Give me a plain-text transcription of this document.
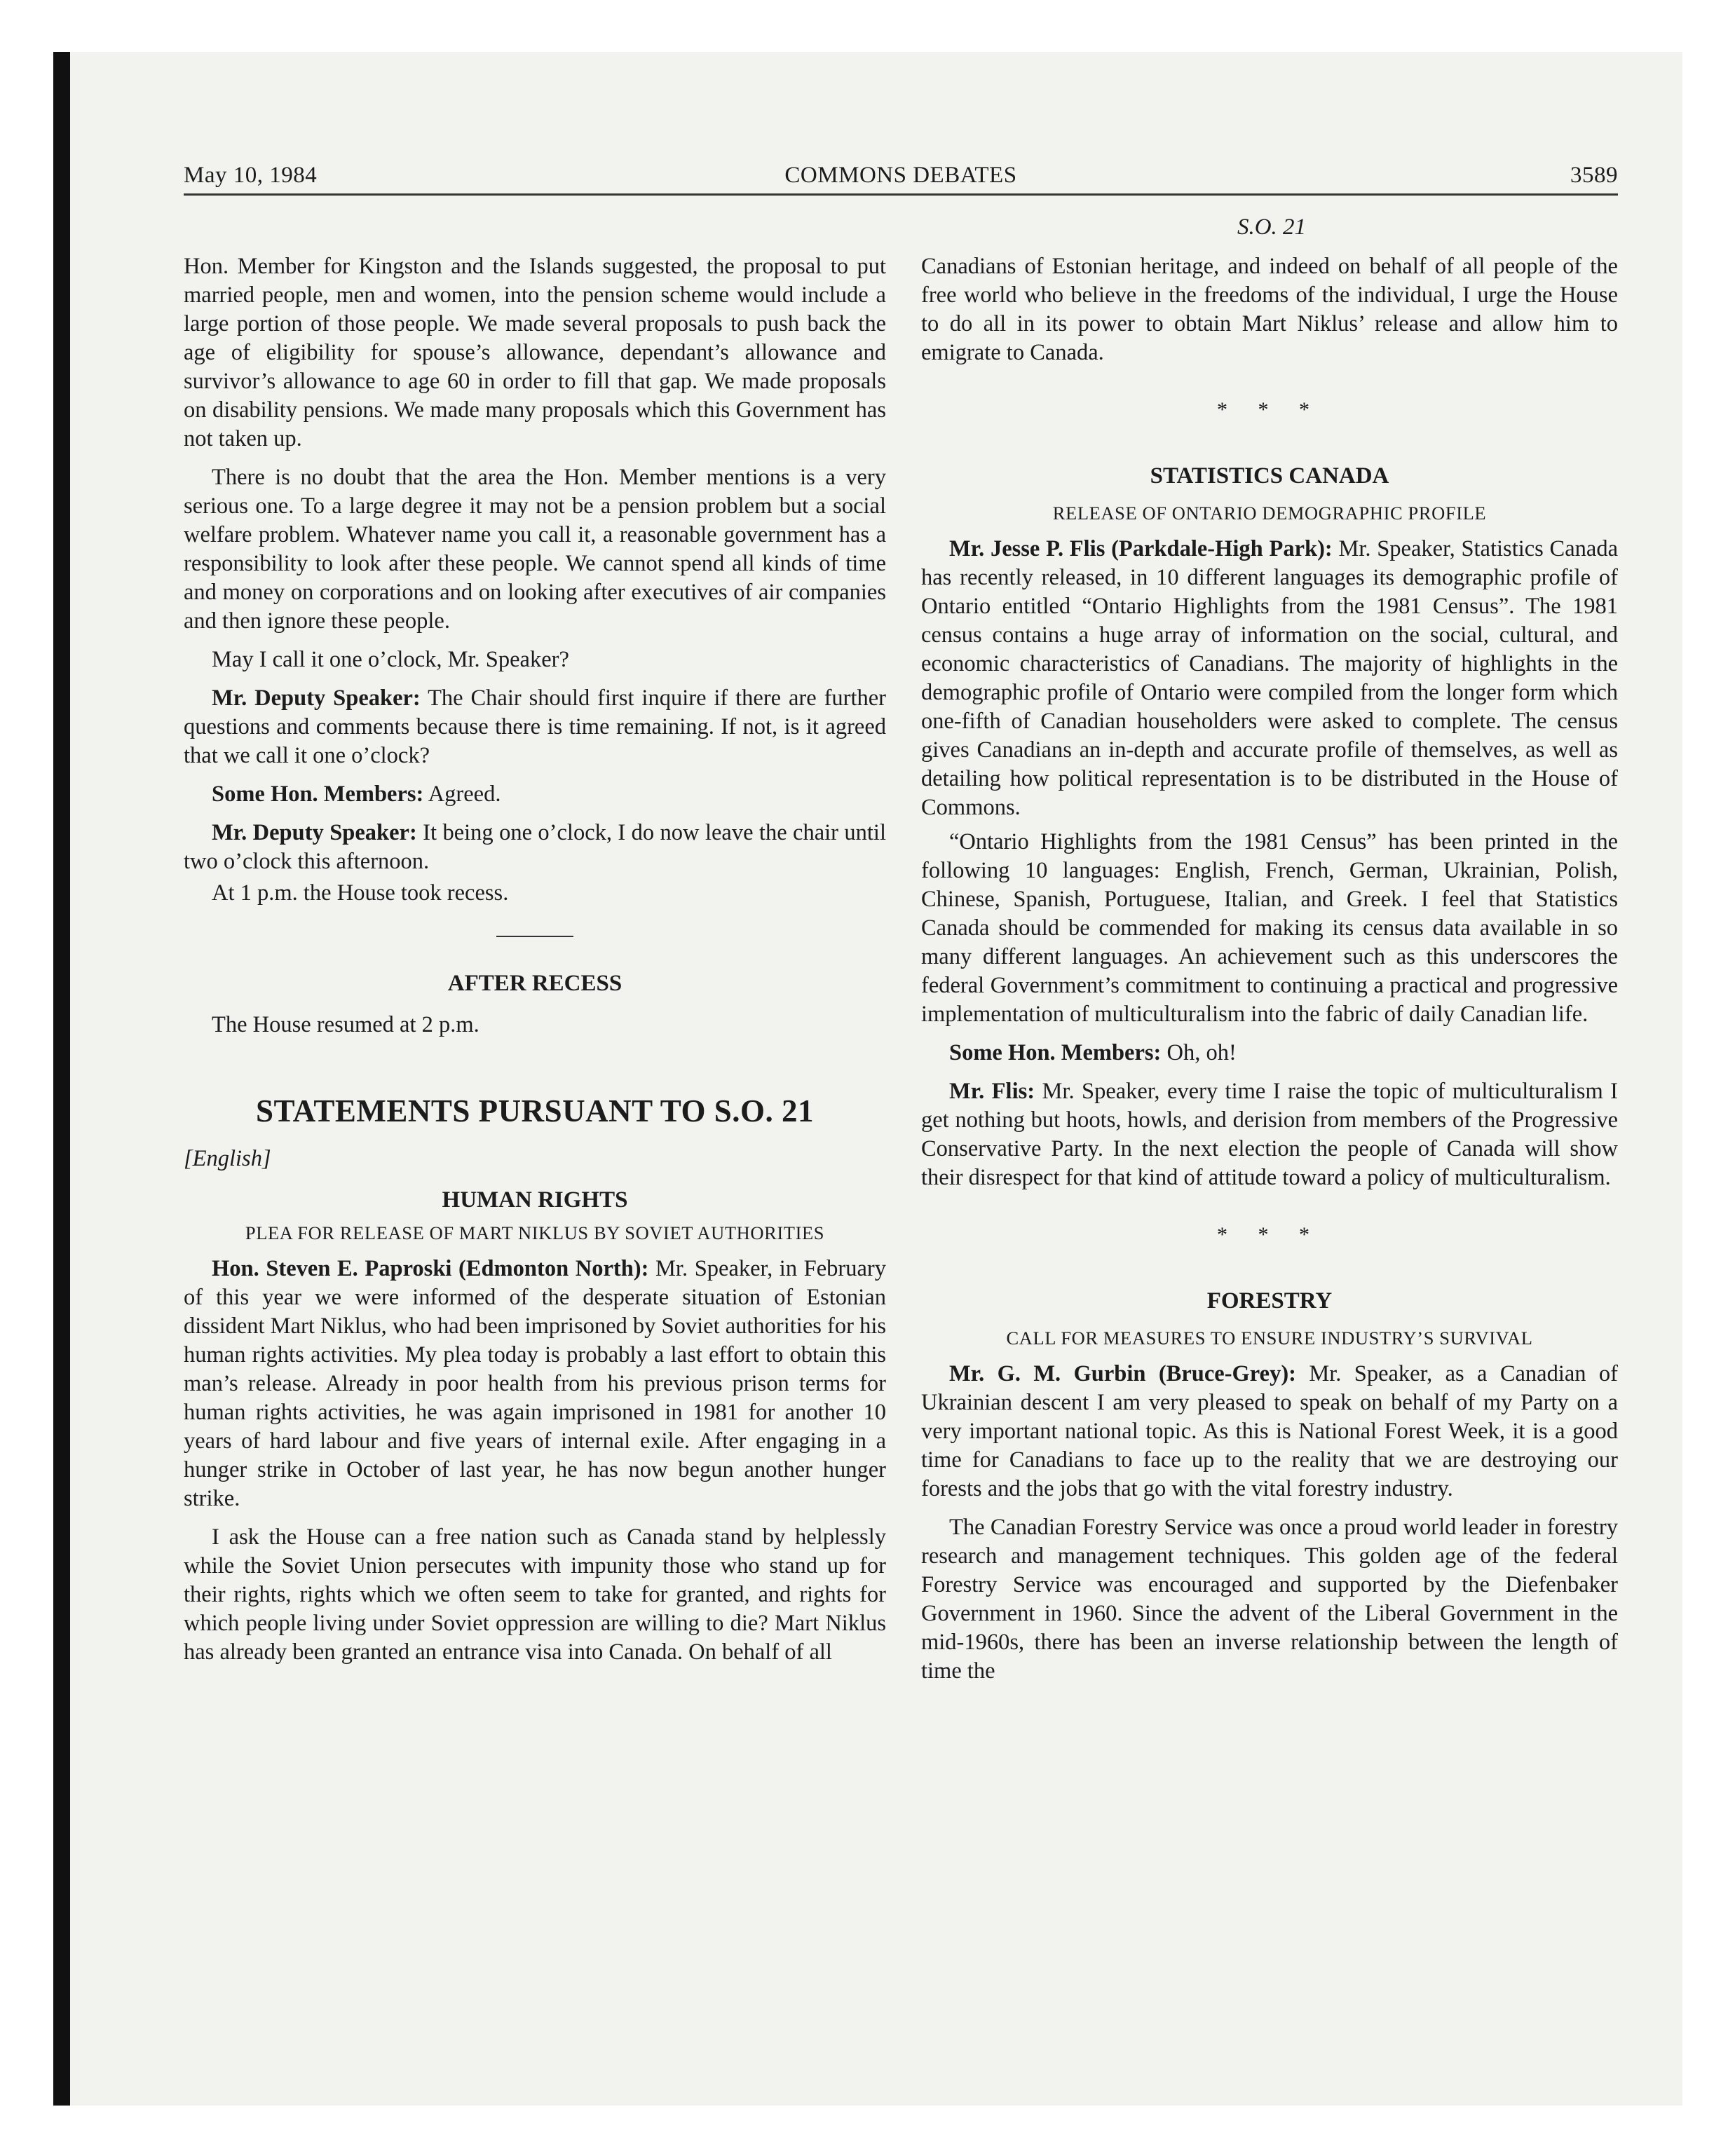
COMMONS DEBATES
May 10, 1984	3589
S.O. 21

Hon. Member for Kingston and the Islands suggested, the proposal to put married people, men and women, into the pension scheme would include a large portion of those people. We made several proposals to push back the age of eligibility for spouse’s allowance, dependant’s allowance and survivor’s allowance to age 60 in order to fill that gap. We made proposals on disability pensions. We made many proposals which this Government has not taken up.

There is no doubt that the area the Hon. Member mentions is a very serious one. To a large degree it may not be a pension problem but a social welfare problem. Whatever name you call it, a reasonable government has a responsibility to look after these people. We cannot spend all kinds of time and money on corporations and on looking after executives of air companies and then ignore these people.

May I call it one o’clock, Mr. Speaker?

Mr. Deputy Speaker: The Chair should first inquire if there are further questions and comments because there is time remaining. If not, is it agreed that we call it one o’clock?

Some Hon. Members: Agreed.

Mr. Deputy Speaker: It being one o’clock, I do now leave the chair until two o’clock this afternoon.

At 1 p.m. the House took recess.

AFTER RECESS

The House resumed at 2 p.m.

STATEMENTS PURSUANT TO S.O. 21

[English]

HUMAN RIGHTS

PLEA FOR RELEASE OF MART NIKLUS BY SOVIET AUTHORITIES

Hon. Steven E. Paproski (Edmonton North): Mr. Speaker, in February of this year we were informed of the desperate situation of Estonian dissident Mart Niklus, who had been imprisoned by Soviet authorities for his human rights activities. My plea today is probably a last effort to obtain this man’s release. Already in poor health from his previous prison terms for human rights activities, he was again imprisoned in 1981 for another 10 years of hard labour and five years of internal exile. After engaging in a hunger strike in October of last year, he has now begun another hunger strike.

I ask the House can a free nation such as Canada stand by helplessly while the Soviet Union persecutes with impunity those who stand up for their rights, rights which we often seem to take for granted, and rights for which people living under Soviet oppression are willing to die? Mart Niklus has already been granted an entrance visa into Canada. On behalf of all

Canadians of Estonian heritage, and indeed on behalf of all people of the free world who believe in the freedoms of the individual, I urge the House to do all in its power to obtain Mart Niklus’ release and allow him to emigrate to Canada.

* * *

STATISTICS CANADA

RELEASE OF ONTARIO DEMOGRAPHIC PROFILE

Mr. Jesse P. Flis (Parkdale-High Park): Mr. Speaker, Statistics Canada has recently released, in 10 different languages its demographic profile of Ontario entitled “Ontario Highlights from the 1981 Census”. The 1981 census contains a huge array of information on the social, cultural, and economic characteristics of Canadians. The majority of highlights in the demographic profile of Ontario were compiled from the longer form which one-fifth of Canadian householders were asked to complete. The census gives Canadians an in-depth and accurate profile of themselves, as well as detailing how political representation is to be distributed in the House of Commons.

“Ontario Highlights from the 1981 Census” has been printed in the following 10 languages: English, French, German, Ukrainian, Polish, Chinese, Spanish, Portuguese, Italian, and Greek. I feel that Statistics Canada should be commended for making its census data available in so many different languages. An achievement such as this underscores the federal Government’s commitment to continuing a practical and progressive implementation of multiculturalism into the fabric of daily Canadian life.

Some Hon. Members: Oh, oh!

Mr. Flis: Mr. Speaker, every time I raise the topic of multiculturalism I get nothing but hoots, howls, and derision from members of the Progressive Conservative Party. In the next election the people of Canada will show their disrespect for that kind of attitude toward a policy of multiculturalism.

* * *

FORESTRY

CALL FOR MEASURES TO ENSURE INDUSTRY’S SURVIVAL

Mr. G. M. Gurbin (Bruce-Grey): Mr. Speaker, as a Canadian of Ukrainian descent I am very pleased to speak on behalf of my Party on a very important national topic. As this is National Forest Week, it is a good time for Canadians to face up to the reality that we are destroying our forests and the jobs that go with the vital forestry industry.

The Canadian Forestry Service was once a proud world leader in forestry research and management techniques. This golden age of the federal Forestry Service was encouraged and supported by the Diefenbaker Government in 1960. Since the advent of the Liberal Government in the mid-1960s, there has been an inverse relationship between the length of time the
